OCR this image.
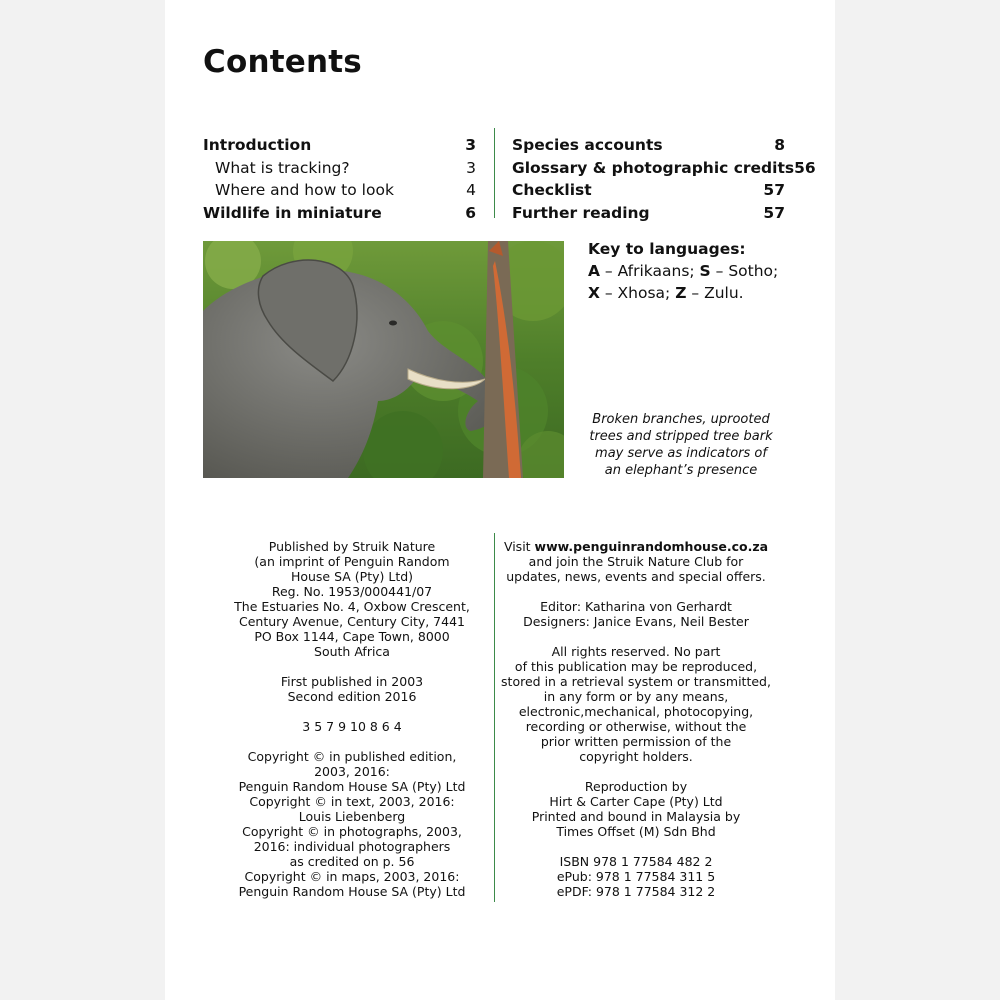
Contents
Introduction	3
What is tracking?	3
Where and how to look	4
Wildlife in miniature	6
Species accounts	8
Glossary & photographic credits 56
Checklist	57
Further reading	57
Key to languages:
A – Afrikaans; S – Sotho;
X – Xhosa; Z – Zulu.
Broken branches, uprooted trees and stripped tree bark may serve as indicators of an elephant’s presence
Published by Struik Nature
(an imprint of Penguin Random
House SA (Pty) Ltd)
Reg. No. 1953/000441/07
The Estuaries No. 4, Oxbow Crescent,
Century Avenue, Century City, 7441
PO Box 1144, Cape Town, 8000
South Africa
First published in 2003
Second edition 2016
3 5 7 9 10 8 6 4
Copyright © in published edition,
2003, 2016:
Penguin Random House SA (Pty) Ltd
Copyright © in text, 2003, 2016:
Louis Liebenberg
Copyright © in photographs, 2003,
2016: individual photographers
as credited on p. 56
Copyright © in maps, 2003, 2016:
Penguin Random House SA (Pty) Ltd
Visit www.penguinrandomhouse.co.za
and join the Struik Nature Club for
updates, news, events and special offers.
Editor: Katharina von Gerhardt
Designers: Janice Evans, Neil Bester
All rights reserved. No part
of this publication may be reproduced,
stored in a retrieval system or transmitted,
in any form or by any means,
electronic,mechanical, photocopying,
recording or otherwise, without the
prior written permission of the
copyright holders.
Reproduction by
Hirt & Carter Cape (Pty) Ltd
Printed and bound in Malaysia by
Times Offset (M) Sdn Bhd
ISBN 978 1 77584 482 2
ePub: 978 1 77584 311 5
ePDF: 978 1 77584 312 2
